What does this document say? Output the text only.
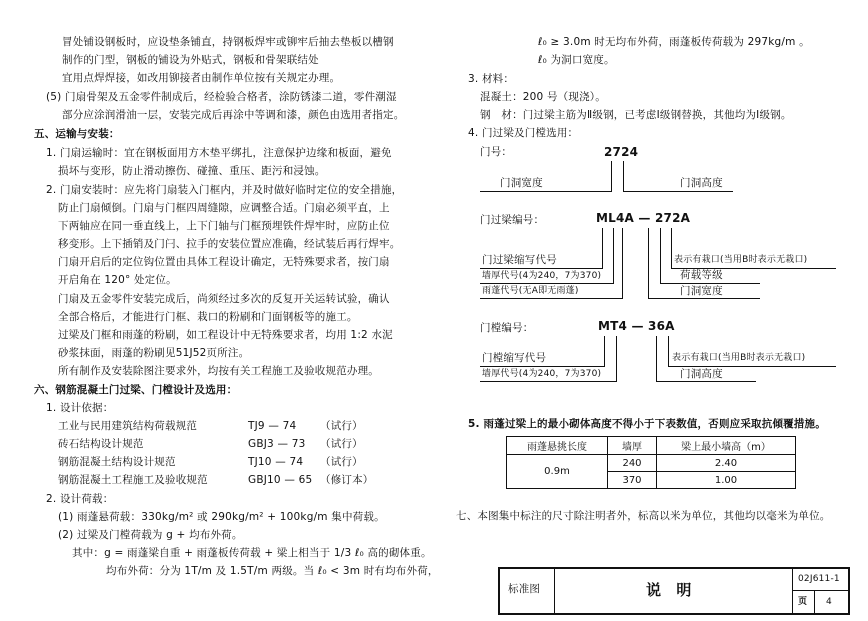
冒处铺设钢板时，应设垫条铺直，持钢板焊牢或铆牢后抽去垫板以槽钢
制作的门型，钢板的铺设为外贴式，钢板和骨架联结处
宜用点焊焊接，如改用铆接者由制作单位按有关规定办理。
(5) 门扇骨架及五金零件制成后，经检验合格者，涂防锈漆二道，零件潮湿
部分应涂润滑油一层，安装完成后再涂中等调和漆，颜色由选用者指定。
五、运输与安装：
1. 门扇运输时：宜在钢板面用方木垫平绑扎，注意保护边缘和板面，避免
损坏与变形，防止滑动擦伤、碰撞、重压、距污和浸蚀。
2. 门扇安装时：应先将门扇装入门框内，并及时做好临时定位的安全措施，
防止门扇倾倒。门扇与门框四周缝隙，应调整合适。门扇必须平直，上
下两轴应在同一垂直线上，上下门轴与门框预埋铁件焊牢时，应防止位
移变形。上下插销及门闩、拉手的安装位置应准确，经试装后再行焊牢。
门扇开启后的定位钩位置由具体工程设计确定，无特殊要求者，按门扇
开启角在 120° 处定位。
门扇及五金零件安装完成后，尚须经过多次的反复开关运转试验，确认
全部合格后，才能进行门框、栽口的粉刷和门面钢板等的施工。
过梁及门框和雨蓬的粉刷，如工程设计中无特殊要求者，均用 1:2 水泥
砂浆抹面，雨蓬的粉刷见51J52页所注。
所有制作及安装除图注要求外，均按有关工程施工及验收规范办理。
六、钢筋混凝土门过梁、门樘设计及选用：
1. 设计依据：
工业与民用建筑结构荷载规范	TJ9 — 74 （试行）
砖石结构设计规范	GBJ3 — 73 （试行）
钢筋混凝土结构设计规范	TJ10 — 74 （试行）
钢筋混凝土工程施工及验收规范	GBJ10 — 65 （修订本）
2. 设计荷载：
(1) 雨蓬悬荷载：330kg/m² 或 290kg/m² + 100kg/m 集中荷载。
(2) 过梁及门樘荷载为 g + 均布外荷。
其中：g = 雨蓬梁自重 + 雨蓬板传荷载 + 梁上相当于 1/3 ℓ₀ 高的砌体重。
均布外荷：分为 1T/m 及 1.5T/m 两级。当 ℓ₀ < 3m 时有均布外荷，
ℓ₀ ≥ 3.0m 时无均布外荷，雨蓬板传荷载为 297kg/m 。
ℓ₀ 为洞口宽度。
3. 材料：
混凝土：200 号（现浇）。
钢　材：门过梁主筋为Ⅱ级钢，已考虑Ⅰ级钢替换，其他均为Ⅰ级钢。
4. 门过梁及门樘选用：
门号：	2724
门洞宽度	门洞高度
门过梁编号：	ML4A — 272A
门过梁缩写代号
墙厚代号(4为240，7为370)
雨蓬代号(无A即无雨蓬)
表示有栽口(当用B时表示无栽口)
荷载等级
门洞宽度
门樘编号：	MT4 — 36A
门樘缩写代号
墙厚代号(4为240，7为370)
表示有栽口(当用B时表示无栽口)
门洞高度
5. 雨蓬过梁上的最小砌体高度不得小于下表数值，否则应采取抗倾覆措施。
雨蓬悬挑长度	墙厚	梁上最小墙高（m）
0.9m	240	2.40
	370	1.00
七、本图集中标注的尺寸除注明者外，标高以米为单位，其他均以毫米为单位。
标准图	说　明
02J611-1
页 4
